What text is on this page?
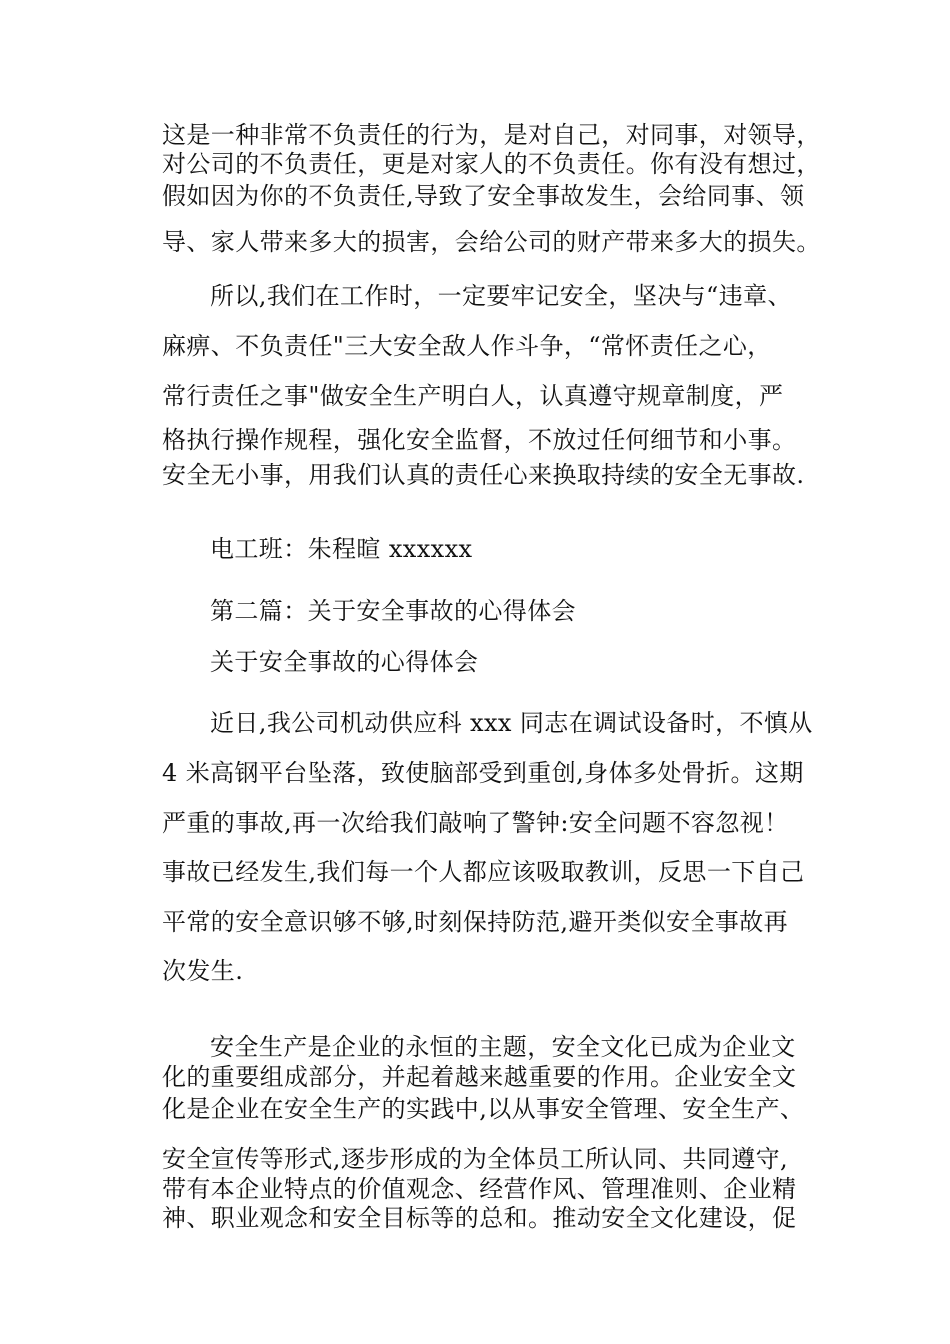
这是一种非常不负责任的行为，是对自己，对同事，对领导，
对公司的不负责任，更是对家人的不负责任。你有没有想过，
假如因为你的不负责任,导致了安全事故发生，会给同事、领
导、家人带来多大的损害，会给公司的财产带来多大的损失。
所以,我们在工作时，一定要牢记安全，坚决与“违章、
麻痹、不负责任"三大安全敌人作斗争，“常怀责任之心，
常行责任之事"做安全生产明白人，认真遵守规章制度，严
格执行操作规程，强化安全监督，不放过任何细节和小事。
安全无小事，用我们认真的责任心来换取持续的安全无事故.
电工班：朱程暄 xxxxxx
第二篇：关于安全事故的心得体会
关于安全事故的心得体会
近日,我公司机动供应科 xxx 同志在调试设备时，不慎从
4 米高钢平台坠落，致使脑部受到重创,身体多处骨折。这期
严重的事故,再一次给我们敲响了警钟:安全问题不容忽视！
事故已经发生,我们每一个人都应该吸取教训，反思一下自己
平常的安全意识够不够,时刻保持防范,避开类似安全事故再
次发生.
安全生产是企业的永恒的主题，安全文化已成为企业文
化的重要组成部分，并起着越来越重要的作用。企业安全文
化是企业在安全生产的实践中,以从事安全管理、安全生产、
安全宣传等形式,逐步形成的为全体员工所认同、共同遵守,
带有本企业特点的价值观念、经营作风、管理准则、企业精
神、职业观念和安全目标等的总和。推动安全文化建设，促
